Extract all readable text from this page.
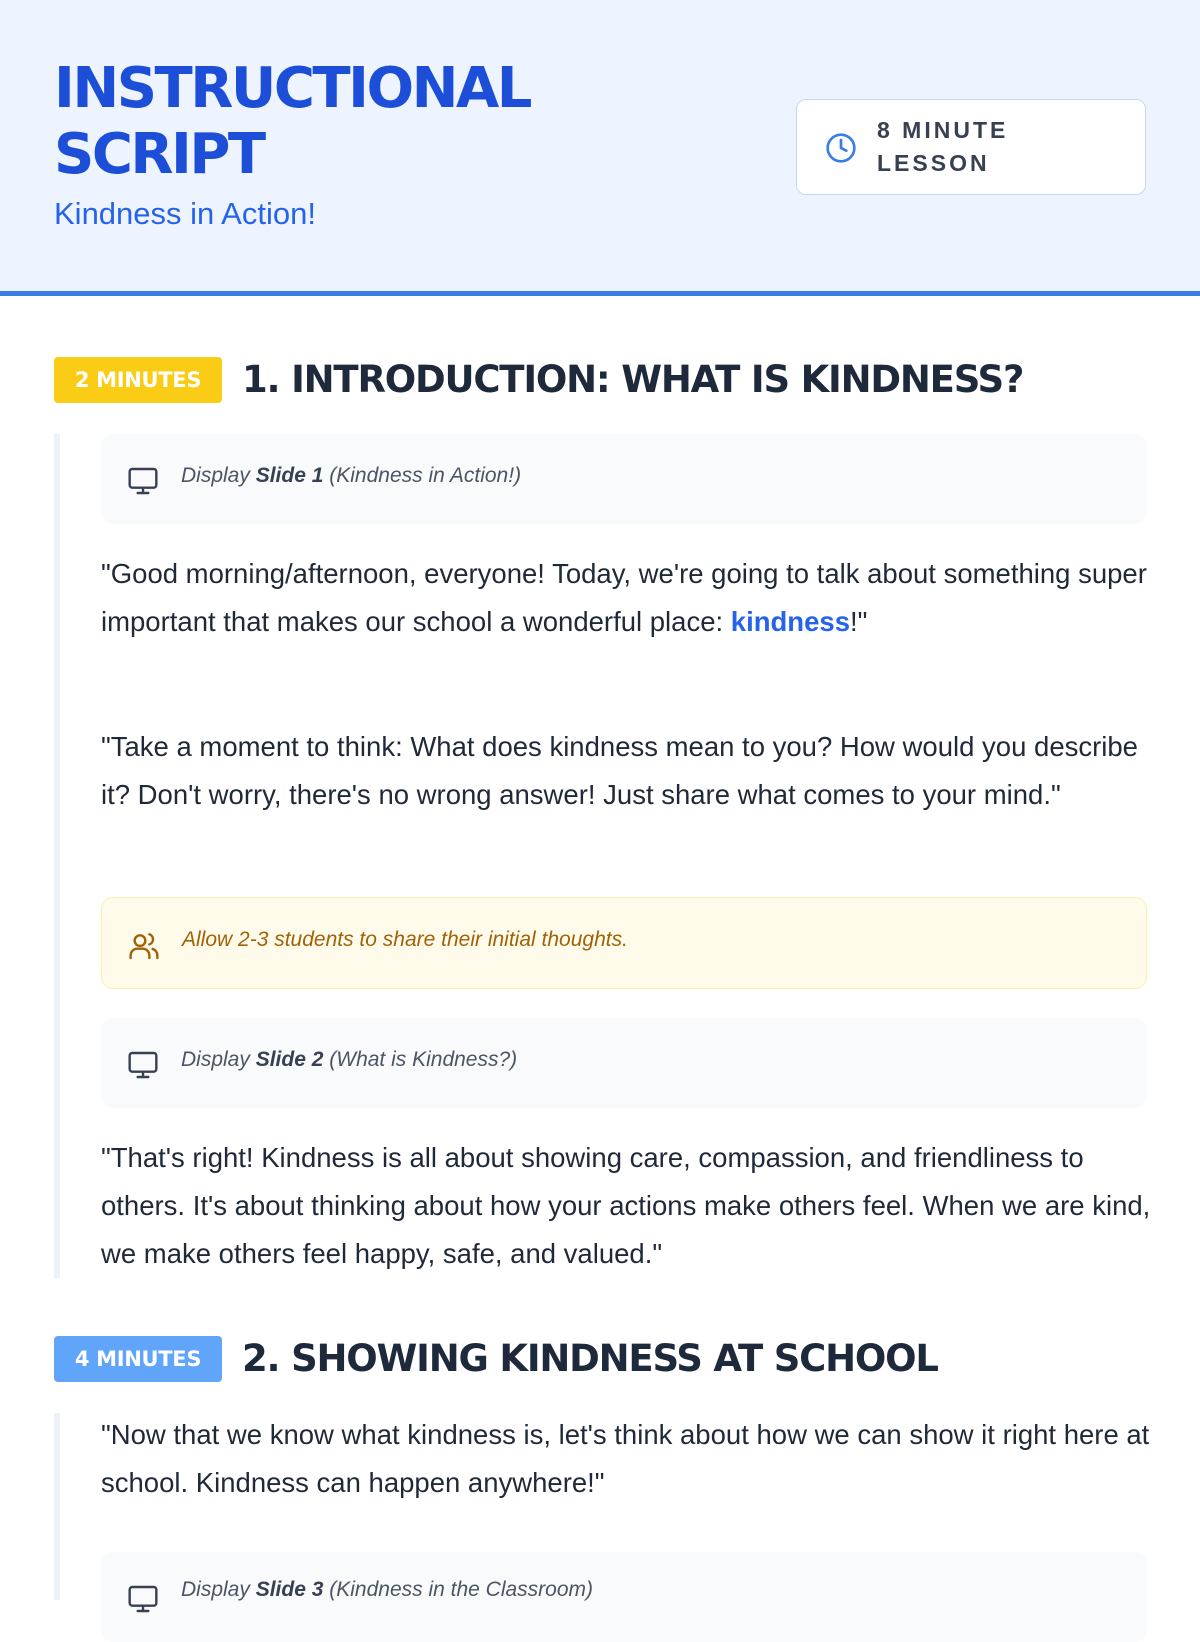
INSTRUCTIONAL SCRIPT

Kindness in Action!

8 MINUTE LESSON
2 MINUTES	1. INTRODUCTION: WHAT IS KINDNESS?
Display Slide 1 (Kindness in Action!)

"Good morning/afternoon, everyone! Today, we're going to talk about something super important that makes our school a wonderful place: kindness!"

"Take a moment to think: What does kindness mean to you? How would you describe it? Don't worry, there's no wrong answer! Just share what comes to your mind."

Allow 2-3 students to share their initial thoughts.
Display Slide 2 (What is Kindness?)

"That's right! Kindness is all about showing care, compassion, and friendliness to others. It's about thinking about how your actions make others feel. When we are kind, we make others feel happy, safe, and valued."

4 MINUTES	2. SHOWING KINDNESS AT SCHOOL

"Now that we know what kindness is, let's think about how we can show it right here at school. Kindness can happen anywhere!"

Display Slide 3 (Kindness in the Classroom)
